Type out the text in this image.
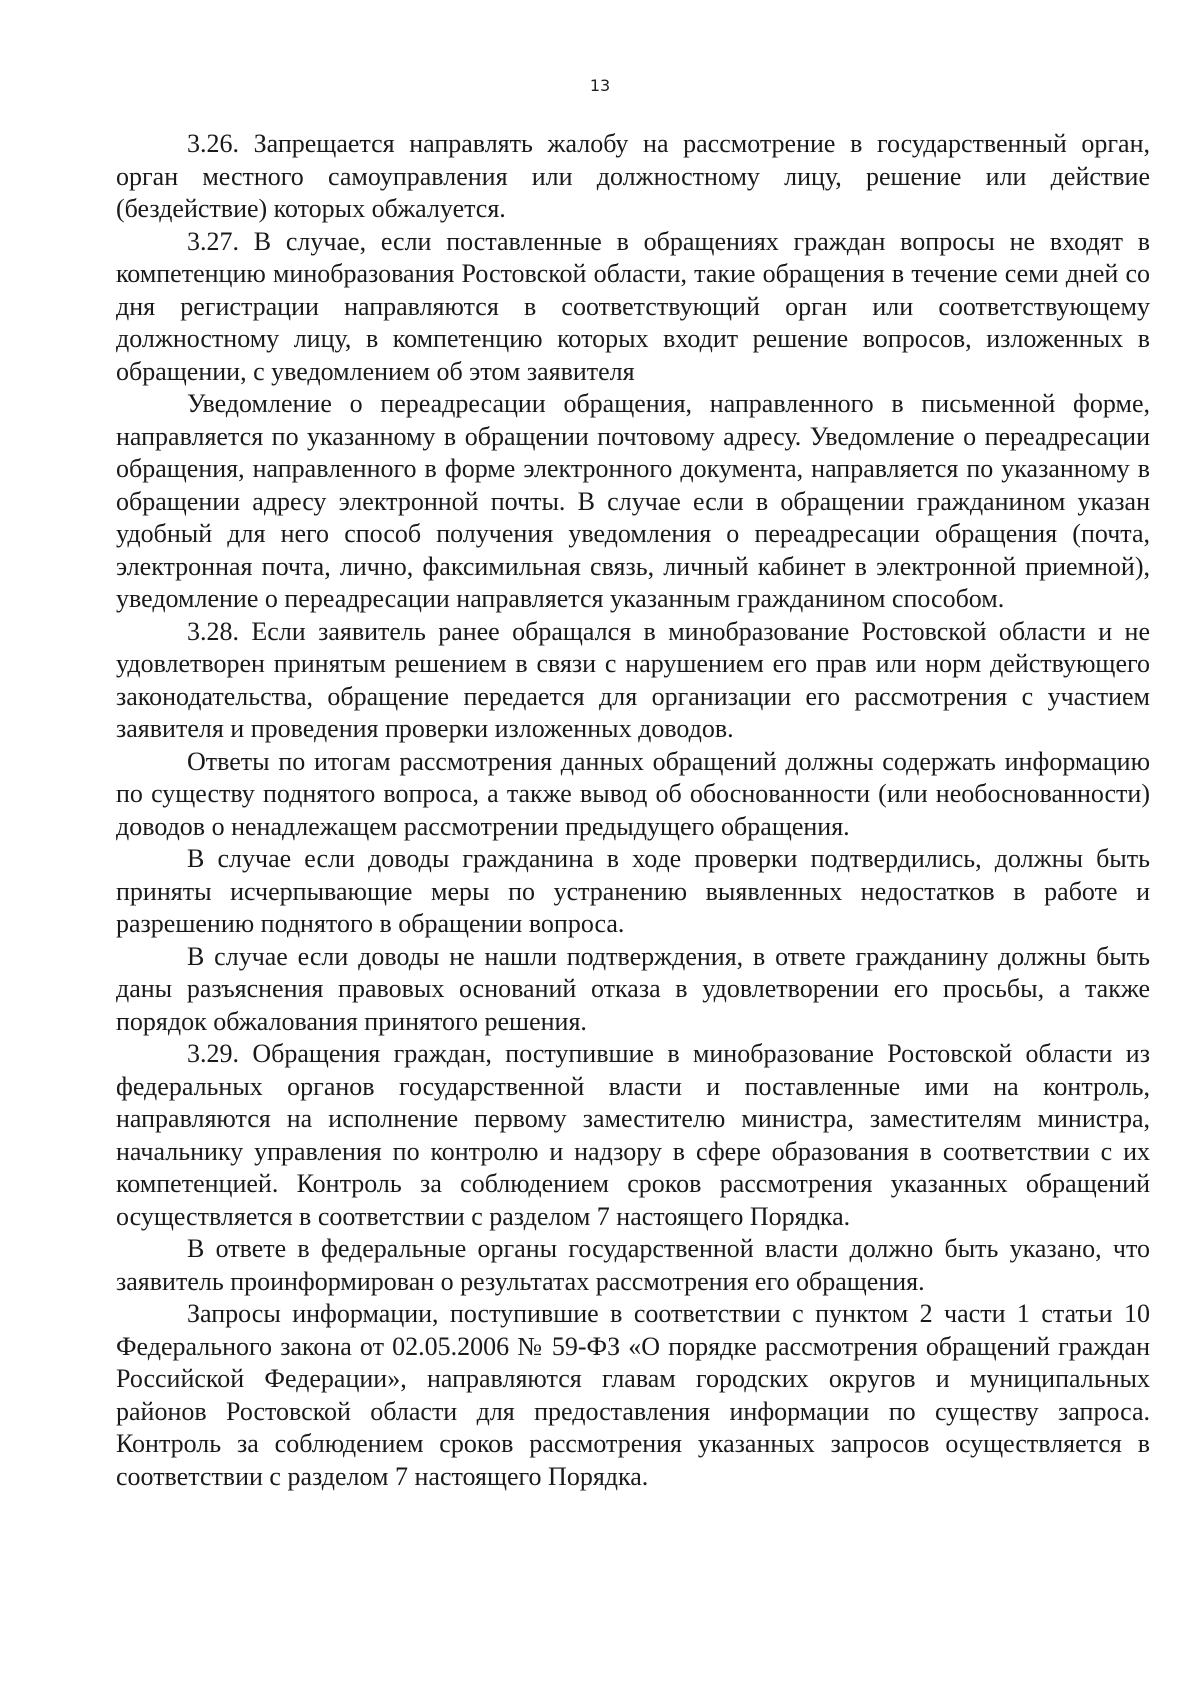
13

3.26. Запрещается направлять жалобу на рассмотрение в государственный орган, орган местного самоуправления или должностному лицу, решение или действие (бездействие) которых обжалуется.

3.27. В случае, если поставленные в обращениях граждан вопросы не входят в компетенцию минобразования Ростовской области, такие обращения в течение семи дней со дня регистрации направляются в соответствующий орган или соответствующему должностному лицу, в компетенцию которых входит решение вопросов, изложенных в обращении, с уведомлением об этом заявителя

Уведомление о переадресации обращения, направленного в письменной форме, направляется по указанному в обращении почтовому адресу. Уведомление о переадресации обращения, направленного в форме электронного документа, направляется по указанному в обращении адресу электронной почты. В случае если в обращении гражданином указан удобный для него способ получения уведомления о переадресации обращения (почта, электронная почта, лично, факсимильная связь, личный кабинет в электронной приемной), уведомление о переадресации направляется указанным гражданином способом.

3.28. Если заявитель ранее обращался в минобразование Ростовской области и не удовлетворен принятым решением в связи с нарушением его прав или норм действующего законодательства, обращение передается для организации его рассмотрения с участием заявителя и проведения проверки изложенных доводов.

Ответы по итогам рассмотрения данных обращений должны содержать информацию по существу поднятого вопроса, а также вывод об обоснованности (или необоснованности) доводов о ненадлежащем рассмотрении предыдущего обращения.

В случае если доводы гражданина в ходе проверки подтвердились, должны быть приняты исчерпывающие меры по устранению выявленных недостатков в работе и разрешению поднятого в обращении вопроса.

В случае если доводы не нашли подтверждения, в ответе гражданину должны быть даны разъяснения правовых оснований отказа в удовлетворении его просьбы, а также порядок обжалования принятого решения.

3.29. Обращения граждан, поступившие в минобразование Ростовской области из федеральных органов государственной власти и поставленные ими на контроль, направляются на исполнение первому заместителю министра, заместителям министра, начальнику управления по контролю и надзору в сфере образования в соответствии с их компетенцией. Контроль за соблюдением сроков рассмотрения указанных обращений осуществляется в соответствии с разделом 7 настоящего Порядка.

В ответе в федеральные органы государственной власти должно быть указано, что заявитель проинформирован о результатах рассмотрения его обращения.

Запросы информации, поступившие в соответствии с пунктом 2 части 1 статьи 10 Федерального закона от 02.05.2006 № 59-ФЗ «О порядке рассмотрения обращений граждан Российской Федерации», направляются главам городских округов и муниципальных районов Ростовской области для предоставления информации по существу запроса. Контроль за соблюдением сроков рассмотрения указанных запросов осуществляется в соответствии с разделом 7 настоящего Порядка.
